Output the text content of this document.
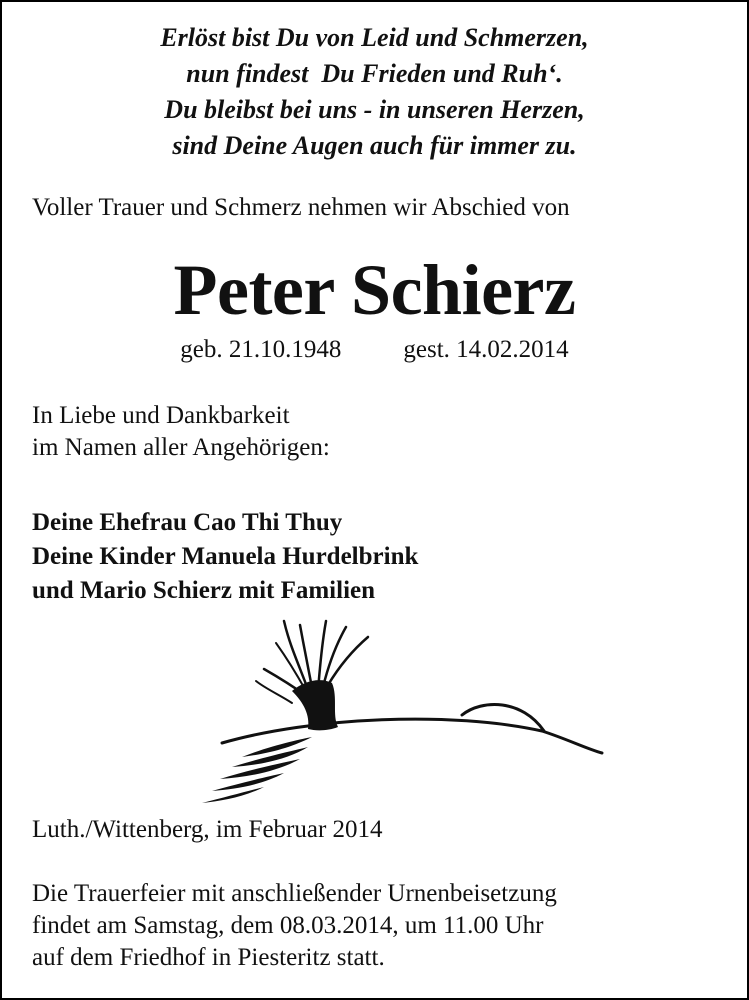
Erlöst bist Du von Leid und Schmerzen,
nun findest  Du Frieden und Ruh‘.
Du bleibst bei uns - in unseren Herzen,
sind Deine Augen auch für immer zu.
Voller Trauer und Schmerz nehmen wir Abschied von
Peter Schierz
geb. 21.10.1948 gest. 14.02.2014
In Liebe und Dankbarkeit
im Namen aller Angehörigen:
Deine Ehefrau Cao Thi Thuy
Deine Kinder Manuela Hurdelbrink
und Mario Schierz mit Familien
Luth./Wittenberg, im Februar 2014
Die Trauerfeier mit anschließender Urnenbeisetzung
findet am Samstag, dem 08.03.2014, um 11.00 Uhr
auf dem Friedhof in Piesteritz statt.
